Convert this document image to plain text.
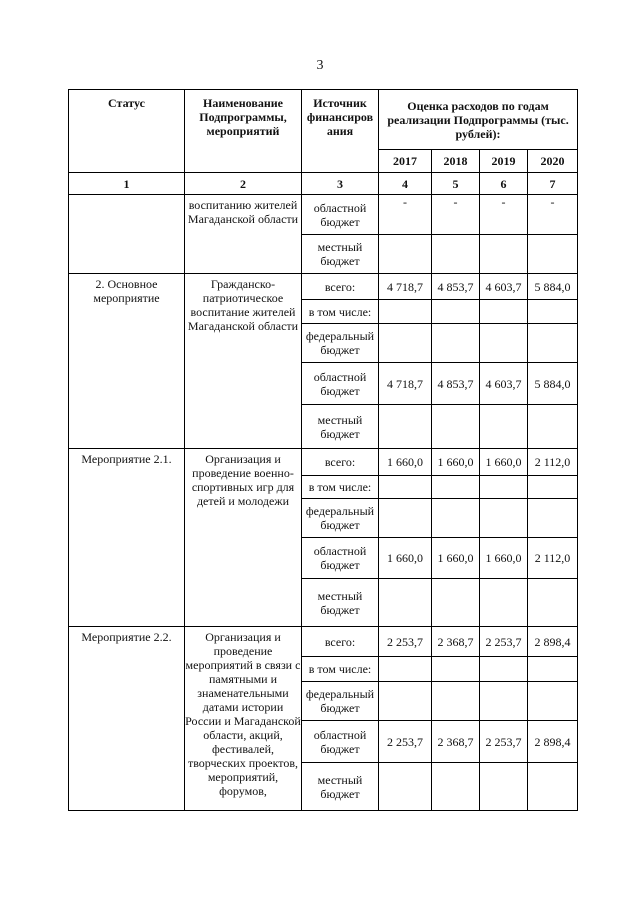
3
Статус	Наименование Подпрограммы, мероприятий	Источник финансиров ания	Оценка расходов по годам реализации Подпрограммы (тыс. рублей):			
			2017	2018	2019	2020
1	2	3	4	5	6	7
	воспитанию жителей Магаданской области	областной бюджет	-	-	-	-
		местный бюджет				
2. Основное мероприятие	Гражданско-патриотическое воспитание жителей Магаданской области	всего:	4 718,7	4 853,7	4 603,7	5 884,0
		в том числе:				
		федеральный бюджет				
		областной бюджет	4 718,7	4 853,7	4 603,7	5 884,0
		местный бюджет				
Мероприятие 2.1.	Организация и проведение военно-спортивных игр для детей и молодежи	всего:	1 660,0	1 660,0	1 660,0	2 112,0
		в том числе:				
		федеральный бюджет				
		областной бюджет	1 660,0	1 660,0	1 660,0	2 112,0
		местный бюджет				
Мероприятие 2.2.	Организация и проведение мероприятий в связи с памятными и знаменательными датами истории России и Магаданской области, акций, фестивалей, творческих проектов, мероприятий, форумов,	всего:	2 253,7	2 368,7	2 253,7	2 898,4
		в том числе:				
		федеральный бюджет				
		областной бюджет	2 253,7	2 368,7	2 253,7	2 898,4
		местный бюджет				
